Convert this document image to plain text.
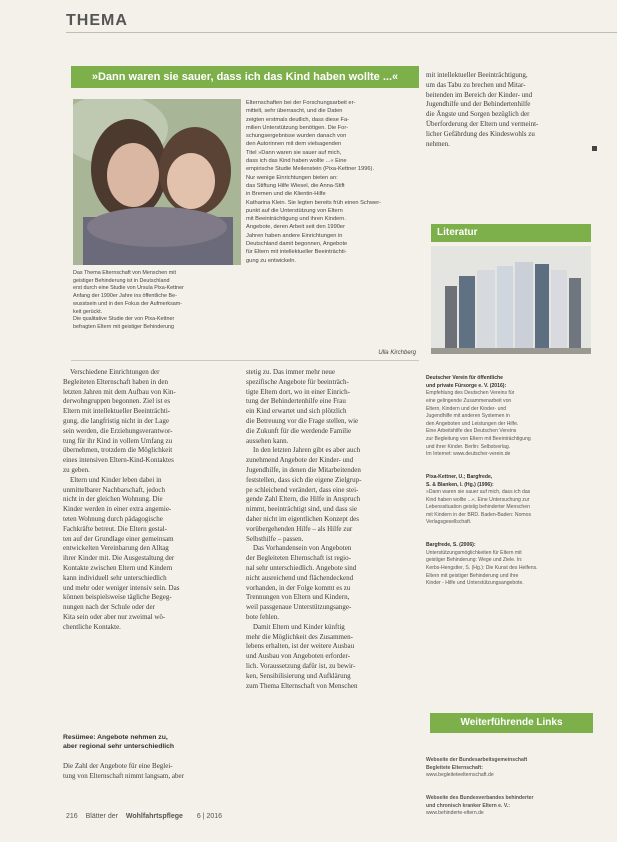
THEMA
»Dann waren sie sauer, dass ich das Kind haben wollte ...«
Das Thema Elternschaft von Menschen mit
geistiger Behinderung ist in Deutschland
erst durch eine Studie von Ursula Pixa-Kettner
Anfang der 1990er Jahre ins öffentliche Be-
wusstsein und in den Fokus der Aufmerksam-
keit gerückt.
Die qualitative Studie der von Pixa-Kettner
befragten Eltern mit geistiger Behinderung
Elternschaften bei der Forschungsarbeit er-
mittelt, sehr überrascht, und die Daten
zeigten erstmals deutlich, dass diese Fa-
milien Unterstützung benötigen. Die For-
schungsergebnisse wurden danach von
den Autorinnen mit dem vielsagenden
Titel »Dann waren sie sauer auf mich,
dass ich das Kind haben wollte ...« Eine
empirische Studie Meilenstein (Pixa-Kettner 1996).
Nur wenige Einrichtungen bieten an:
das Stiftung Hilfe Wiesel, die Anna-Stift
in Bremen und die Klientin-Hilfe
Katharina Klein. Sie legten bereits früh einen Schwer-
punkt auf die Unterstützung von Eltern
mit Beeinträchtigung und ihren Kindern.
Angebote, deren Arbeit seit den 1990er
Jahren haben andere Einrichtungen in
Deutschland damit begonnen, Angebote
für Eltern mit intellektueller Beeinträchti-
gung zu entwickeln.
Ulla Kirchberg
Verschiedene Einrichtungen der
Begleiteten Elternschaft haben in den
letzten Jahren mit dem Aufbau von Kin-
derwohngruppen begonnen. Ziel ist es
Eltern mit intellektueller Beeinträchti-
gung, die langfristig nicht in der Lage
sein werden, die Erziehungsverantwor-
tung für ihr Kind in vollem Umfang zu
übernehmen, trotzdem die Möglichkeit
eines intensiven Eltern-Kind-Kontaktes
zu geben.
Eltern und Kinder leben dabei in
unmittelbarer Nachbarschaft, jedoch
nicht in der gleichen Wohnung. Die
Kinder werden in einer extra angemie-
teten Wohnung durch pädagogische
Fachkräfte betreut. Die Eltern gestal-
ten auf der Grundlage einer gemeinsam
entwickelten Vereinbarung den Alltag
ihrer Kinder mit. Die Ausgestaltung der
Kontakte zwischen Eltern und Kindern
kann individuell sehr unterschiedlich
und mehr oder weniger intensiv sein. Das
können beispielsweise tägliche Begeg-
nungen nach der Schule oder der
Kita sein oder aber nur zweimal wö-
chentliche Kontakte.
Resümee: Angebote nehmen zu,
aber regional sehr unterschiedlich
Die Zahl der Angebote für eine Beglei-
tung von Elternschaft nimmt langsam, aber
stetig zu. Das immer mehr neue
spezifische Angebote für beeinträch-
tigte Eltern dort, wo in einer Einrich-
tung der Behindertenhilfe eine Frau
ein Kind erwartet und sich plötzlich
die Betreuung vor die Frage stellen, wie
die Zukunft für die werdende Familie
aussehen kann.
In den letzten Jahren gibt es aber auch
zunehmend Angebote der Kinder- und
Jugendhilfe, in denen die Mitarbeitenden
feststellen, dass sich die eigene Zielgrup-
pe schleichend verändert, dass eine stei-
gende Zahl Eltern, die Hilfe in Anspruch
nimmt, beeinträchtigt sind, und dass sie
daher nicht im eigentlichen Konzept des
vorübergehenden Hilfe – als Hilfe zur
Selbsthilfe – passen.
Das Vorhandensein von Angeboten
der Begleiteten Elternschaft ist regio-
nal sehr unterschiedlich. Angebote sind
nicht ausreichend und flächendeckend
vorhanden, in der Folge kommt es zu
Trennungen von Eltern und Kindern,
weil passgenaue Unterstützungsange-
bote fehlen.
Damit Eltern und Kinder künftig
mehr die Möglichkeit des Zusammen-
lebens erhalten, ist der weitere Ausbau
und Ausbau von Angeboten erforder-
lich. Voraussetzung dafür ist, zu bewir-
ken, Sensibilisierung und Aufklärung
zum Thema Elternschaft von Menschen
mit intellektueller Beeinträchtigung,
um das Tabu zu brechen und Mitar-
beitenden im Bereich der Kinder- und
Jugendhilfe und der Behindertenhilfe
die Ängste und Sorgen bezüglich der
Überforderung der Eltern und vermeint-
licher Gefährdung des Kindeswohls zu
nehmen.
Literatur

Deutscher Verein für öffentliche
und private Fürsorge e. V. (2016):
Empfehlung des Deutschen Vereins für
eine gelingende Zusammenarbeit von
Eltern, Kindern und der Kinder- und
Jugendhilfe mit anderen Systemen in
den Angeboten und Leistungen der Hilfe.
Eine Arbeitshilfe des Deutschen Vereins
zur Begleitung von Eltern mit Beeinträchtigung
und ihrer Kinder. Berlin: Selbstverlag.
Im Internet: www.deutscher-verein.de

Pixa-Kettner, U.; Bargfrede,
S. & Blanken, I. (Hg.) (1996):
»Dann waren sie sauer auf mich, dass ich das
Kind haben wollte ...«. Eine Untersuchung zur
Lebenssituation geistig behinderter Menschen
mit Kindern in der BRD. Baden-Baden: Nomos
Verlagsgesellschaft.

Bargfrede, S. (2006):
Unterstützungsmöglichkeiten für Eltern mit
geistiger Behinderung: Wege und Ziele. In:
Kerbs-Hengstler, S. (Hg.): Die Kunst des Helfens.
Eltern mit geistiger Behinderung und ihre
Kinder - Hilfe und Unterstützungsangebote.

Weiterführende Links

Webseite der Bundesarbeitsgemeinschaft
Begleitete Elternschaft:
www.begleiteteelternschaft.de

Webseite des Bundesverbandes behinderter
und chronisch kranker Eltern e. V.:
www.behinderte-eltern.de

216 Blätter der Wohlfahrtspflege 6 | 2016
